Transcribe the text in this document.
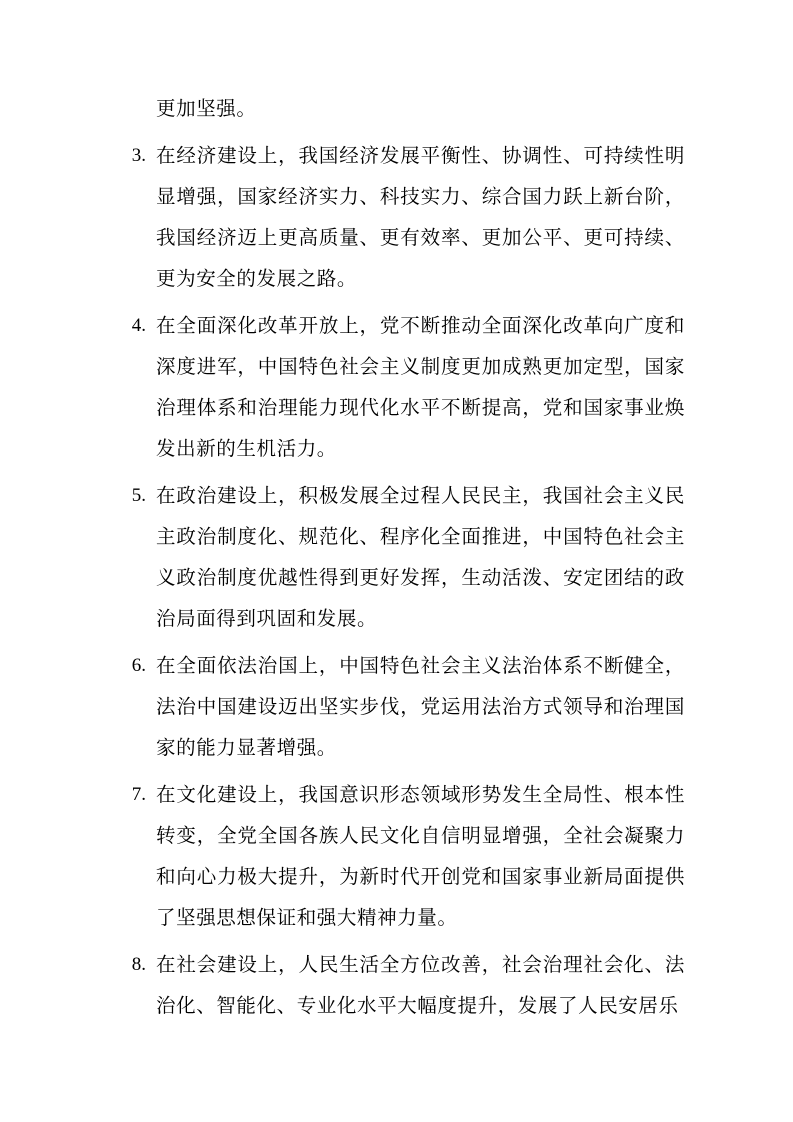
更加坚强。
3. 在经济建设上，我国经济发展平衡性、协调性、可持续性明显增强，国家经济实力、科技实力、综合国力跃上新台阶，我国经济迈上更高质量、更有效率、更加公平、更可持续、更为安全的发展之路。
4. 在全面深化改革开放上，党不断推动全面深化改革向广度和深度进军，中国特色社会主义制度更加成熟更加定型，国家治理体系和治理能力现代化水平不断提高，党和国家事业焕发出新的生机活力。
5. 在政治建设上，积极发展全过程人民民主，我国社会主义民主政治制度化、规范化、程序化全面推进，中国特色社会主义政治制度优越性得到更好发挥，生动活泼、安定团结的政治局面得到巩固和发展。
6. 在全面依法治国上，中国特色社会主义法治体系不断健全，法治中国建设迈出坚实步伐，党运用法治方式领导和治理国家的能力显著增强。
7. 在文化建设上，我国意识形态领域形势发生全局性、根本性转变，全党全国各族人民文化自信明显增强，全社会凝聚力和向心力极大提升，为新时代开创党和国家事业新局面提供了坚强思想保证和强大精神力量。
8. 在社会建设上，人民生活全方位改善，社会治理社会化、法治化、智能化、专业化水平大幅度提升，发展了人民安居乐
